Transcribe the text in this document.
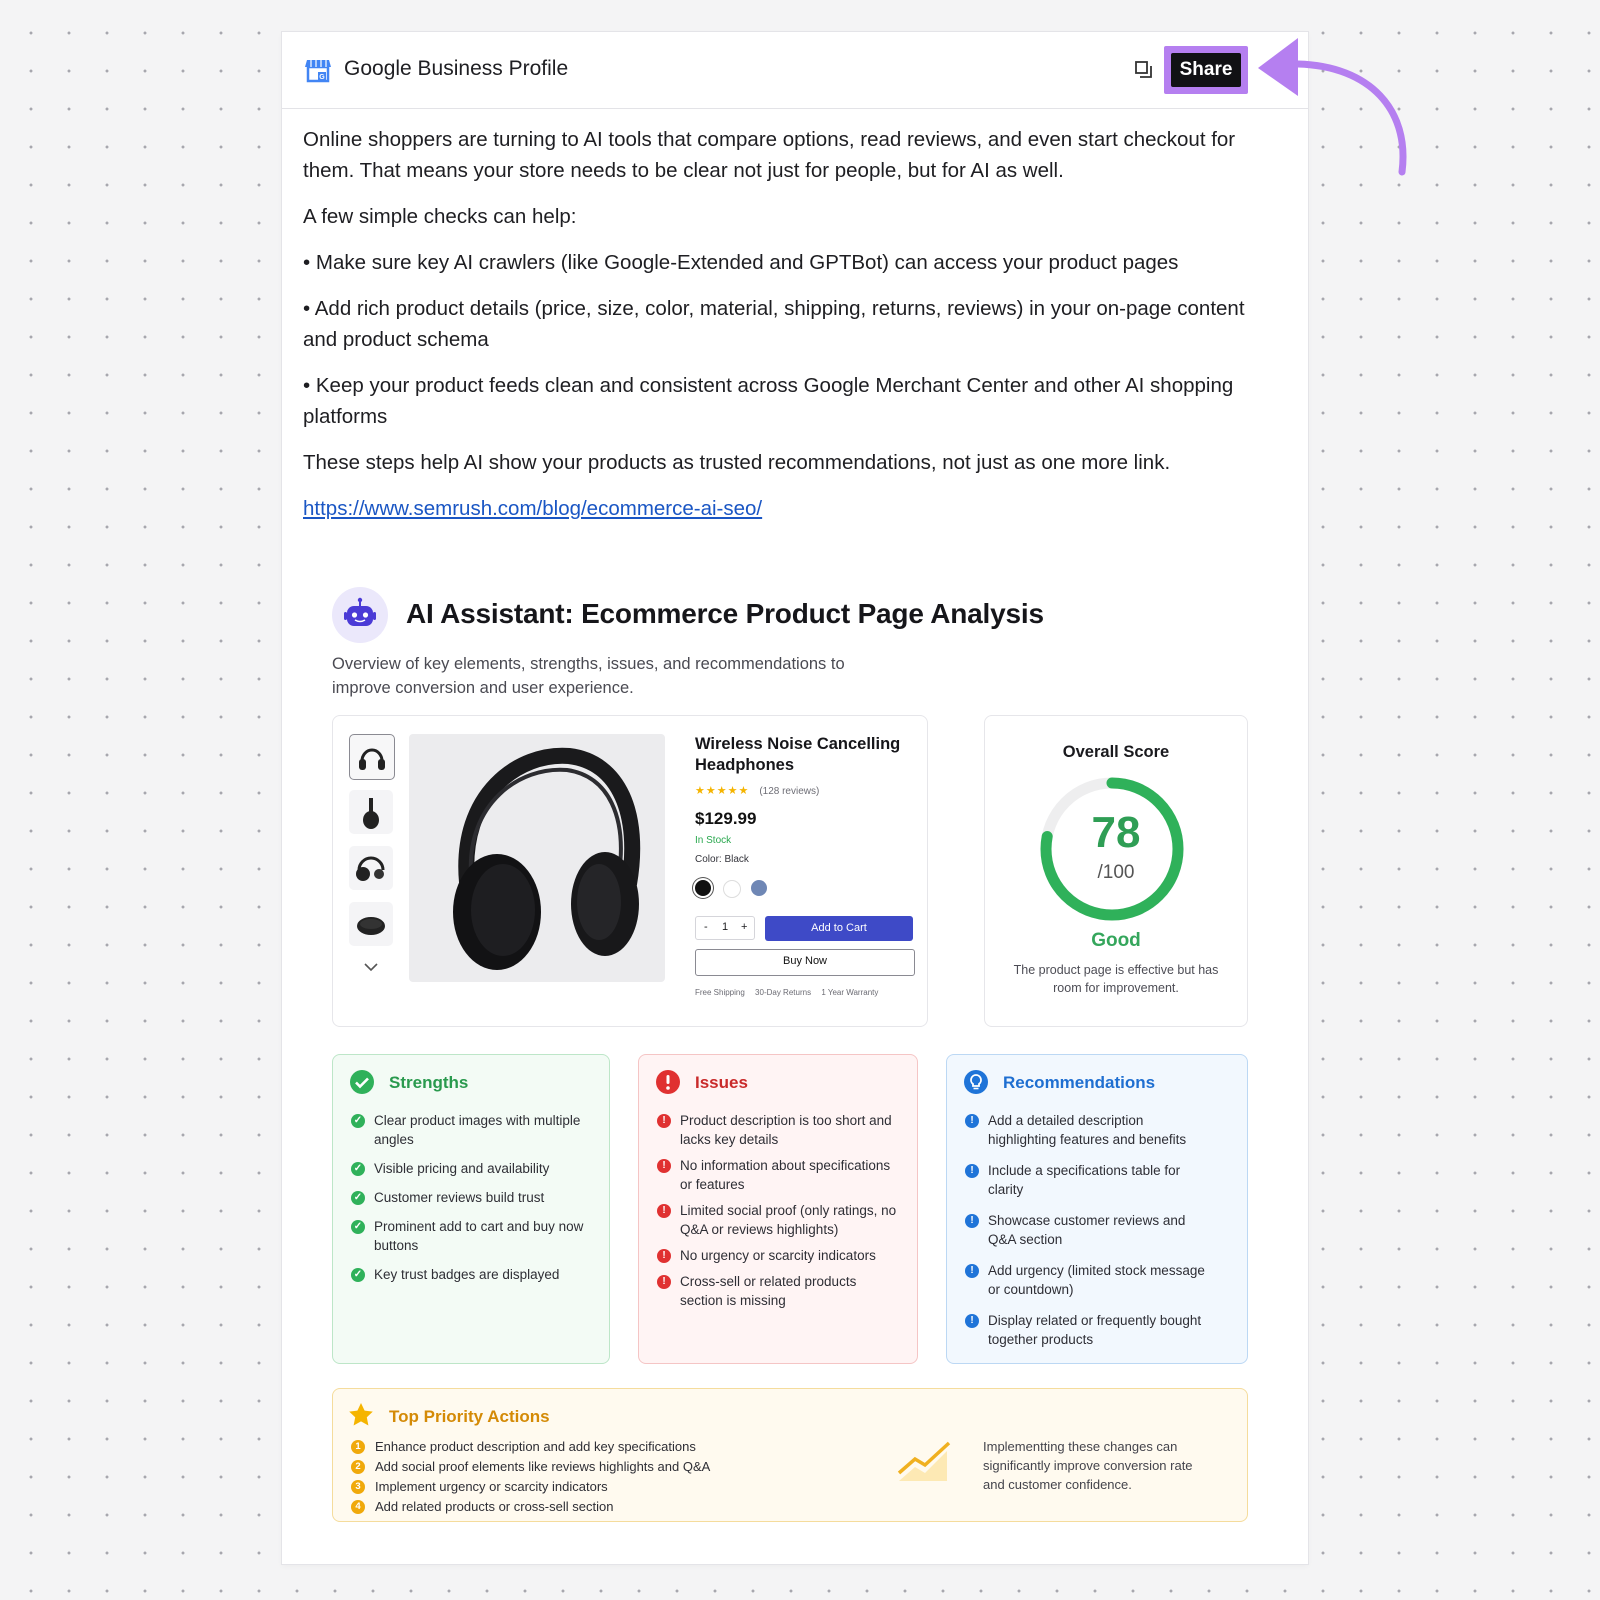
G Google Business Profile	Share

Online shoppers are turning to AI tools that compare options, read reviews, and even start checkout for them. That means your store needs to be clear not just for people, but for AI as well.

A few simple checks can help:

• Make sure key AI crawlers (like Google-Extended and GPTBot) can access your product pages

• Add rich product details (price, size, color, material, shipping, returns, reviews) in your on-page content and product schema

• Keep your product feeds clean and consistent across Google Merchant Center and other AI shopping platforms

These steps help AI show your products as trusted recommendations, not just as one more link.

https://www.semrush.com/blog/ecommerce-ai-seo/

AI Assistant: Ecommerce Product Page Analysis
Overview of key elements, strengths, issues, and recommendations to improve conversion and user experience.
Wireless Noise Cancelling Headphones
★★★★★ (128 reviews)
$129.99
In Stock
Color: Black
- 1 +	Add to Cart
Buy Now
Free Shipping 30-Day Returns 1 Year Warranty
Overall Score
78
/100
Good
The product page is effective but has room for improvement.
Strengths
✓ Clear product images with multiple angles
✓ Visible pricing and availability
✓ Customer reviews build trust
✓ Prominent add to cart and buy now buttons
✓ Key trust badges are displayed
Issues
!	Product description is too short and lacks key details
!	No information about specifications or features
!	Limited social proof (only ratings, no Q&A or reviews highlights)
!	No urgency or scarcity indicators
!	Cross-sell or related products section is missing
Recommendations
!	Add a detailed description highlighting features and benefits
!	Include a specifications table for clarity
!	Showcase customer reviews and Q&A section
!	Add urgency (limited stock message or countdown)
!	Display related or frequently bought together products
Top Priority Actions
1	Enhance product description and add key specifications
2	Add social proof elements like reviews highlights and Q&A
3	Implement urgency or scarcity indicators
4	Add related products or cross-sell section
Implementting these changes can significantly improve conversion rate and customer confidence.
